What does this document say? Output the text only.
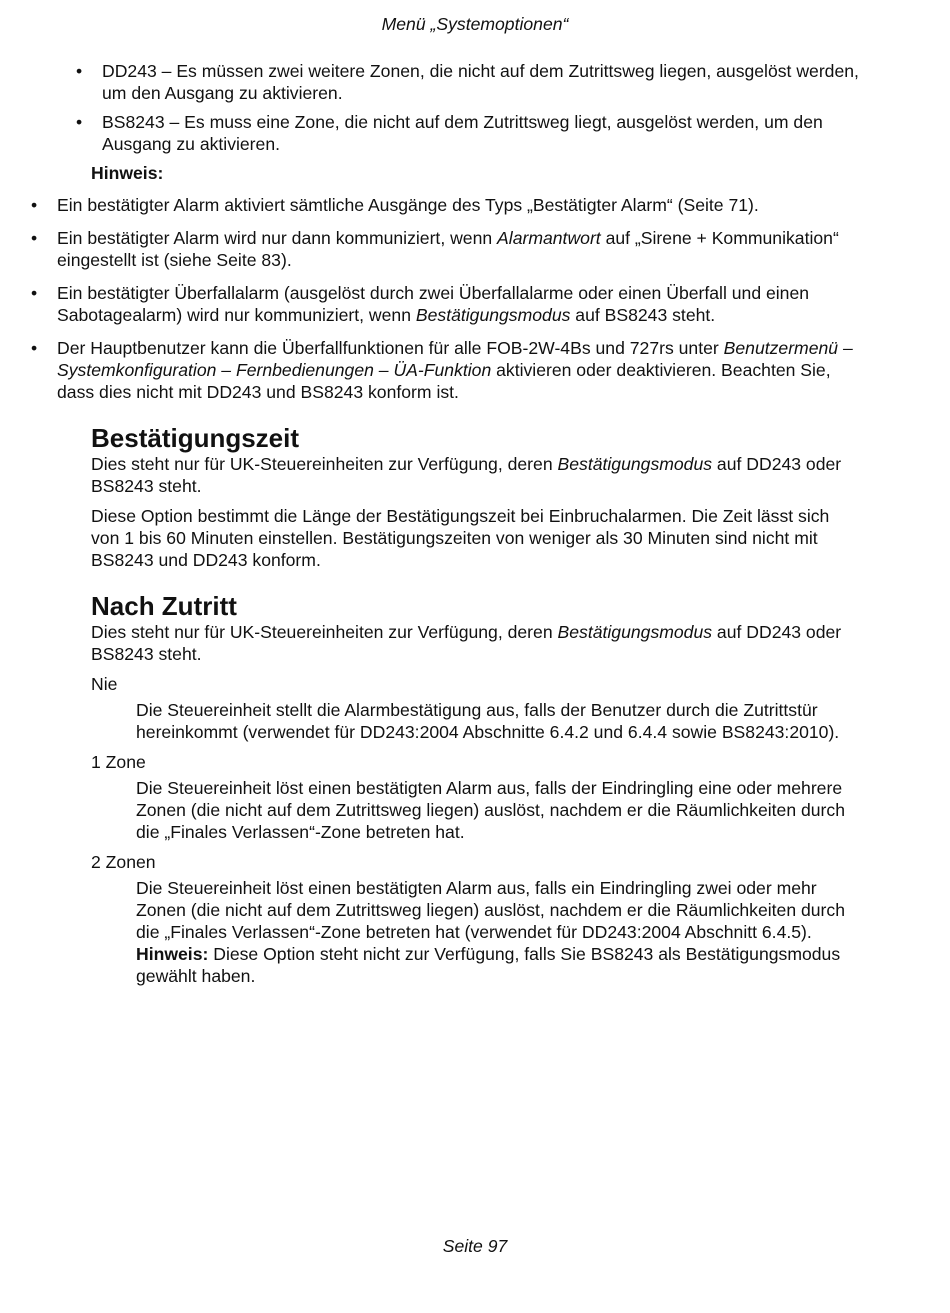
Menü „Systemoptionen“
• DD243 – Es müssen zwei weitere Zonen, die nicht auf dem Zutrittsweg liegen, ausgelöst werden, um den Ausgang zu aktivieren.
• BS8243 – Es muss eine Zone, die nicht auf dem Zutrittsweg liegt, ausgelöst werden, um den Ausgang zu aktivieren.
Hinweis:
• Ein bestätigter Alarm aktiviert sämtliche Ausgänge des Typs „Bestätigter Alarm“ (Seite 71).
• Ein bestätigter Alarm wird nur dann kommuniziert, wenn Alarmantwort auf „Sirene + Kommunikation“ eingestellt ist (siehe Seite 83).
• Ein bestätigter Überfallalarm (ausgelöst durch zwei Überfallalarme oder einen Überfall und einen Sabotagealarm) wird nur kommuniziert, wenn Bestätigungsmodus auf BS8243 steht.
• Der Hauptbenutzer kann die Überfallfunktionen für alle FOB-2W-4Bs und 727rs unter Benutzermenü – Systemkonfiguration – Fernbedienungen – ÜA-Funktion aktivieren oder deaktivieren. Beachten Sie, dass dies nicht mit DD243 und BS8243 konform ist.
Bestätigungszeit

Dies steht nur für UK-Steuereinheiten zur Verfügung, deren Bestätigungsmodus auf DD243 oder BS8243 steht.

Diese Option bestimmt die Länge der Bestätigungszeit bei Einbruchalarmen. Die Zeit lässt sich von 1 bis 60 Minuten einstellen. Bestätigungszeiten von weniger als 30 Minuten sind nicht mit BS8243 und DD243 konform.

Nach Zutritt

Dies steht nur für UK-Steuereinheiten zur Verfügung, deren Bestätigungsmodus auf DD243 oder BS8243 steht.

Nie
Die Steuereinheit stellt die Alarmbestätigung aus, falls der Benutzer durch die Zutrittstür hereinkommt (verwendet für DD243:2004 Abschnitte 6.4.2 und 6.4.4 sowie BS8243:2010).
1 Zone
Die Steuereinheit löst einen bestätigten Alarm aus, falls der Eindringling eine oder mehrere Zonen (die nicht auf dem Zutrittsweg liegen) auslöst, nachdem er die Räumlichkeiten durch die „Finales Verlassen“-Zone betreten hat.
2 Zonen
Die Steuereinheit löst einen bestätigten Alarm aus, falls ein Eindringling zwei oder mehr Zonen (die nicht auf dem Zutrittsweg liegen) auslöst, nachdem er die Räumlichkeiten durch die „Finales Verlassen“-Zone betreten hat (verwendet für DD243:2004 Abschnitt 6.4.5). Hinweis: Diese Option steht nicht zur Verfügung, falls Sie BS8243 als Bestätigungsmodus gewählt haben.
Seite 97
